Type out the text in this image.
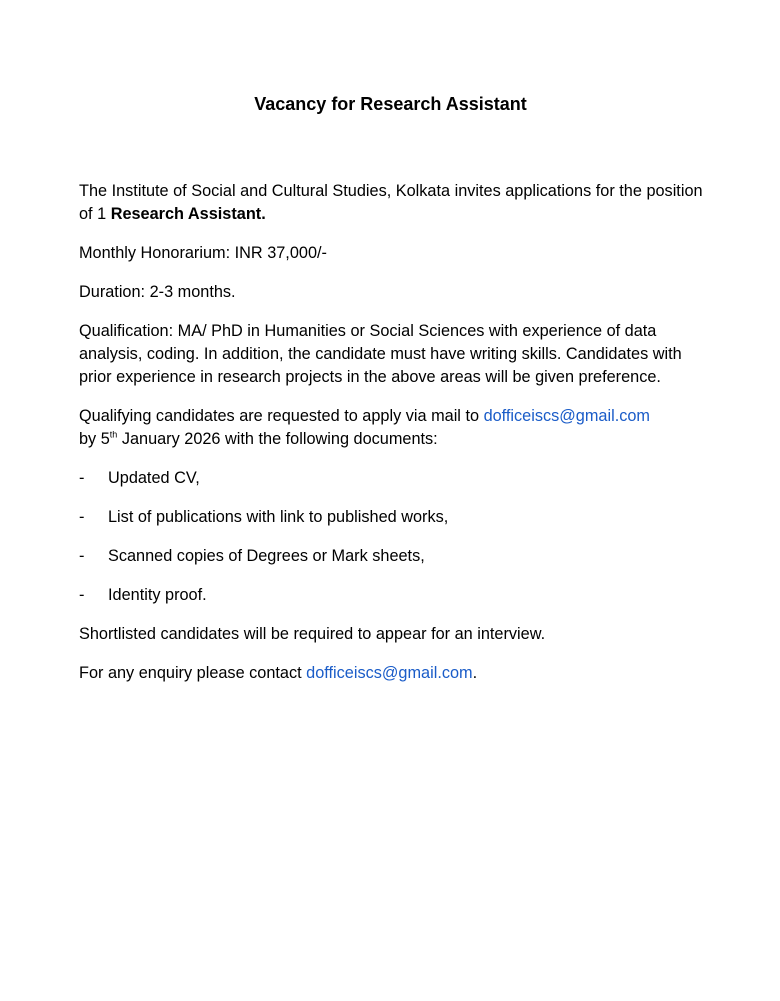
Vacancy for Research Assistant

The Institute of Social and Cultural Studies, Kolkata invites applications for the position of 1 Research Assistant.

Monthly Honorarium: INR 37,000/-

Duration: 2-3 months.

Qualification: MA/ PhD in Humanities or Social Sciences with experience of data analysis, coding. In addition, the candidate must have writing skills. Candidates with prior experience in research projects in the above areas will be given preference.

Qualifying candidates are requested to apply via mail to dofficeiscs@gmail.com
by 5th January 2026 with the following documents:

-	Updated CV,
-	List of publications with link to published works,
-	Scanned copies of Degrees or Mark sheets,
-	Identity proof.

Shortlisted candidates will be required to appear for an interview.

For any enquiry please contact dofficeiscs@gmail.com.
